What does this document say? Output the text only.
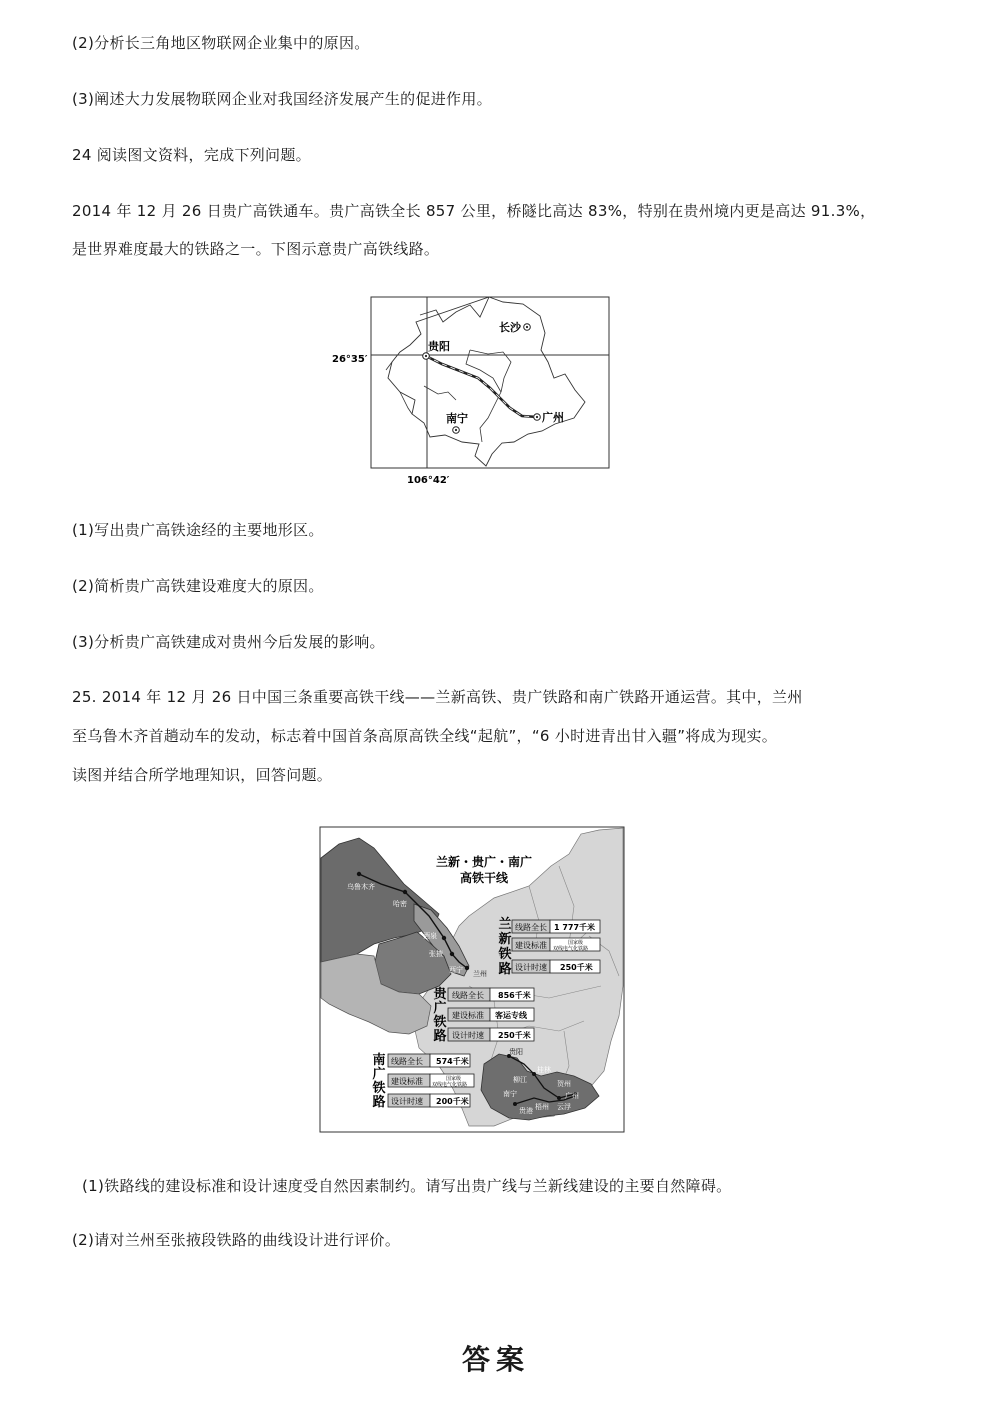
(2)分析长三角地区物联网企业集中的原因。
(3)阐述大力发展物联网企业对我国经济发展产生的促进作用。
24 阅读图文资料，完成下列问题。
2014 年 12 月 26 日贵广高铁通车。贵广高铁全长 857 公里，桥隧比高达 83%，特别在贵州境内更是高达 91.3%，
是世界难度最大的铁路之一。下图示意贵广高铁线路。
贵阳
长沙
南宁	广州
26°35′
106°42′
(1)写出贵广高铁途经的主要地形区。
(2)简析贵广高铁建设难度大的原因。
(3)分析贵广高铁建成对贵州今后发展的影响。
25. 2014 年 12 月 26 日中国三条重要高铁干线——兰新高铁、贵广铁路和南广铁路开通运营。其中，兰州
至乌鲁木齐首趟动车的发动，标志着中国首条高原高铁全线“起航”，“6 小时进青出甘入疆”将成为现实。
读图并结合所学地理知识，回答问题。
兰新・贵广・南广
高铁干线
乌鲁木齐
哈密
酒泉
张掖
西宁 兰州
贵阳
桂林
柳江	贺州
广州
南宁
梧州 云浮
贵港
兰
新
铁
路
线路全长 1 777千米
建设标准	国家级
双线电气化铁路
设计时速 250千米
贵
广
铁
路
线路全长 856千米
建设标准 客运专线
设计时速 250千米
南
广
铁
路
线路全长 574千米
建设标准	国家级
双线电气化铁路
设计时速 200千米
(1)铁路线的建设标准和设计速度受自然因素制约。请写出贵广线与兰新线建设的主要自然障碍。
(2)请对兰州至张掖段铁路的曲线设计进行评价。
答案
